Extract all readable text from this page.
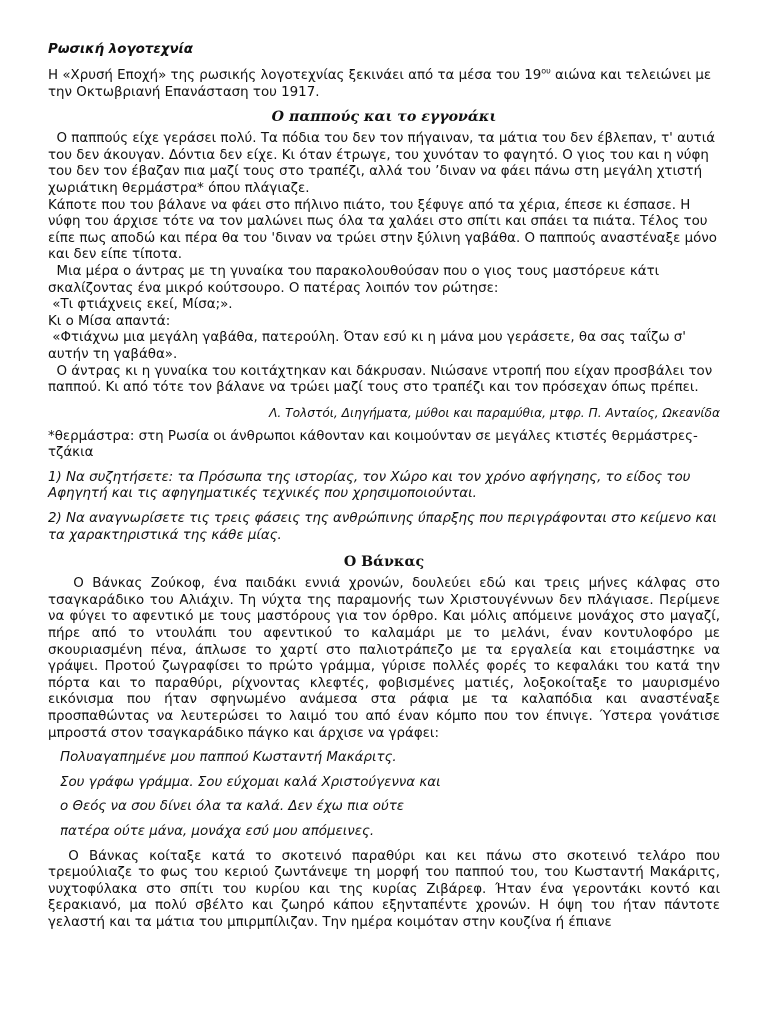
Ρωσική λογοτεχνία

Η «Χρυσή Εποχή» της ρωσικής λογοτεχνίας ξεκινάει από τα μέσα του $19^{o\upsilon}$ αιώνα και τελειώνει με την Οκτωβριανή Επανάσταση του 1917.

Ο παππούς και το εγγονάκι

Ο παππούς είχε γεράσει πολύ. Τα πόδια του δεν τον πήγαιναν, τα μάτια του δεν έβλεπαν, τ' αυτιά του δεν άκουγαν. Δόντια δεν είχε. Κι όταν έτρωγε, του χυνόταν το φαγητό. Ο γιος του και η νύφη του δεν τον έβαζαν πια μαζί τους στο τραπέζι, αλλά του ’διναν να φάει πάνω στη μεγάλη χτιστή χωριάτικη θερμάστρα* όπου πλάγιαζε.

Κάποτε που του βάλανε να φάει στο πήλινο πιάτο, του ξέφυγε από τα χέρια, έπεσε κι έσπασε. Η νύφη του άρχισε τότε να τον μαλώνει πως όλα τα χαλάει στο σπίτι και σπάει τα πιάτα. Τέλος του είπε πως αποδώ και πέρα θα του 'διναν να τρώει στην ξύλινη γαβάθα. Ο παππούς αναστέναξε μόνο και δεν είπε τίποτα.

Μια μέρα ο άντρας με τη γυναίκα του παρακολουθούσαν που ο γιος τους μαστόρευε κάτι σκαλίζοντας ένα μικρό κούτσουρο. Ο πατέρας λοιπόν τον ρώτησε:

«Τι φτιάχνεις εκεί, Μίσα;».

Κι ο Μίσα απαντά:

«Φτιάχνω μια μεγάλη γαβάθα, πατερούλη. Όταν εσύ κι η μάνα μου γεράσετε, θα σας ταΐζω σ' αυτήν τη γαβάθα».

Ο άντρας κι η γυναίκα του κοιτάχτηκαν και δάκρυσαν. Νιώσανε ντροπή που είχαν προσβάλει τον παππού. Κι από τότε τον βάλανε να τρώει μαζί τους στο τραπέζι και τον πρόσεχαν όπως πρέπει.

Λ. Τολστόι, Διηγήματα, μύθοι και παραμύθια, μτφρ. Π. Ανταίος, Ωκεανίδα

*θερμάστρα: στη Ρωσία οι άνθρωποι κάθονταν και κοιμούνταν σε μεγάλες κτιστές θερμάστρες-τζάκια

1) Να συζητήσετε: τα Πρόσωπα της ιστορίας, τον Χώρο και τον χρόνο αφήγησης, το είδος του Αφηγητή και τις αφηγηματικές τεχνικές που χρησιμοποιούνται.

2) Να αναγνωρίσετε τις τρεις φάσεις της ανθρώπινης ύπαρξης που περιγράφονται στο κείμενο και τα χαρακτηριστικά της κάθε μίας.

Ο Βάνκας

Ο Βάνκας Ζούκοφ, ένα παιδάκι εννιά χρονών, δουλεύει εδώ και τρεις μήνες κάλφας στο τσαγκαράδικο του Αλιάχιν. Τη νύχτα της παραμονής των Χριστουγέννων δεν πλάγιασε. Περίμενε να φύγει το αφεντικό με τους μαστόρους για τον όρθρο. Και μόλις απόμεινε μονάχος στο μαγαζί, πήρε από το ντουλάπι του αφεντικού το καλαμάρι με το μελάνι, έναν κοντυλοφόρο με σκουριασμένη πένα, άπλωσε το χαρτί στο παλιοτράπεζο με τα εργαλεία και ετοιμάστηκε να γράψει. Προτού ζωγραφίσει το πρώτο γράμμα, γύρισε πολλές φορές το κεφαλάκι του κατά την πόρτα και το παραθύρι, ρίχνοντας κλεφτές, φοβισμένες ματιές, λοξοκοίταξε το μαυρισμένο εικόνισμα που ήταν σφηνωμένο ανάμεσα στα ράφια με τα καλαπόδια και αναστέναξε προσπαθώντας να λευτερώσει το λαιμό του από έναν κόμπο που τον έπνιγε. Ύστερα γονάτισε μπροστά στον τσαγκαράδικο πάγκο και άρχισε να γράφει:

Πολυαγαπημένε μου παππού Κωσταντή Μακάριτς.

Σου γράφω γράμμα. Σου εύχομαι καλά Χριστούγεννα και

ο Θεός να σου δίνει όλα τα καλά. Δεν έχω πια ούτε

πατέρα ούτε μάνα, μονάχα εσύ μου απόμεινες.

Ο Βάνκας κοίταξε κατά το σκοτεινό παραθύρι και κει πάνω στο σκοτεινό τελάρο που τρεμούλιαζε το φως του κεριού ζωντάνεψε τη μορφή του παππού του, του Κωσταντή Μακάριτς, νυχτοφύλακα στο σπίτι του κυρίου και της κυρίας Ζιβάρεφ. Ήταν ένα γεροντάκι κοντό και ξερακιανό, μα πολύ σβέλτο και ζωηρό κάπου εξηνταπέντε χρονών. Η όψη του ήταν πάντοτε γελαστή και τα μάτια του μπιρμπίλιζαν. Την ημέρα κοιμόταν στην κουζίνα ή έπιανε
